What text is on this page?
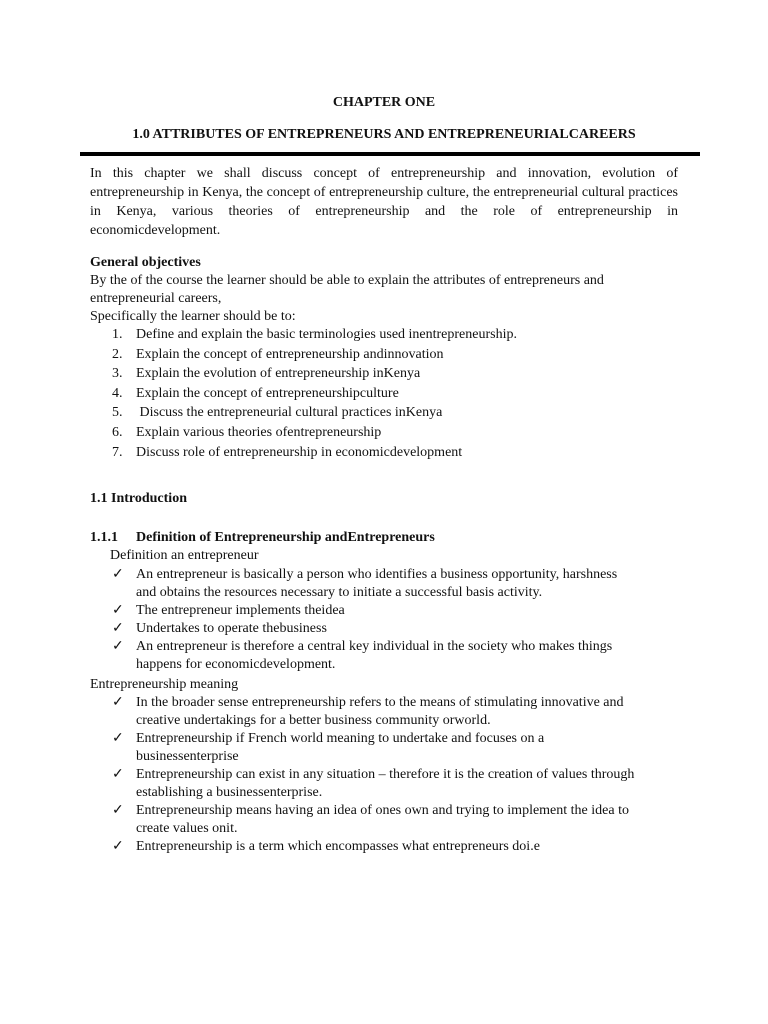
CHAPTER ONE
1.0 ATTRIBUTES OF ENTREPRENEURS AND ENTREPRENEURIALCAREERS
In this chapter we shall discuss concept of entrepreneurship and innovation, evolution of entrepreneurship in Kenya, the concept of entrepreneurship culture, the entrepreneurial cultural practices in Kenya, various theories of entrepreneurship and the role of entrepreneurship in economicdevelopment.
General objectives
By the of the course the learner should be able to explain the attributes of entrepreneurs and
entrepreneurial careers,
Specifically the learner should be to:
1. Define and explain the basic terminologies used inentrepreneurship.
2. Explain the concept of entrepreneurship andinnovation
3. Explain the evolution of entrepreneurship inKenya
4. Explain the concept of entrepreneurshipculture
5. Discuss the entrepreneurial cultural practices inKenya
6. Explain various theories ofentrepreneurship
7. Discuss role of entrepreneurship in economicdevelopment
1.1 Introduction
1.1.1 Definition of Entrepreneurship andEntrepreneurs
Definition an entrepreneur
✓ An entrepreneur is basically a person who identifies a business opportunity, harshness
and obtains the resources necessary to initiate a successful basis activity.
✓ The entrepreneur implements theidea
✓ Undertakes to operate thebusiness
✓ An entrepreneur is therefore a central key individual in the society who makes things
happens for economicdevelopment.
Entrepreneurship meaning
✓ In the broader sense entrepreneurship refers to the means of stimulating innovative and
creative undertakings for a better business community orworld.
✓ Entrepreneurship if French world meaning to undertake and focuses on a
businessenterprise
✓ Entrepreneurship can exist in any situation – therefore it is the creation of values through
establishing a businessenterprise.
✓ Entrepreneurship means having an idea of ones own and trying to implement the idea to
create values onit.
✓ Entrepreneurship is a term which encompasses what entrepreneurs doi.e
